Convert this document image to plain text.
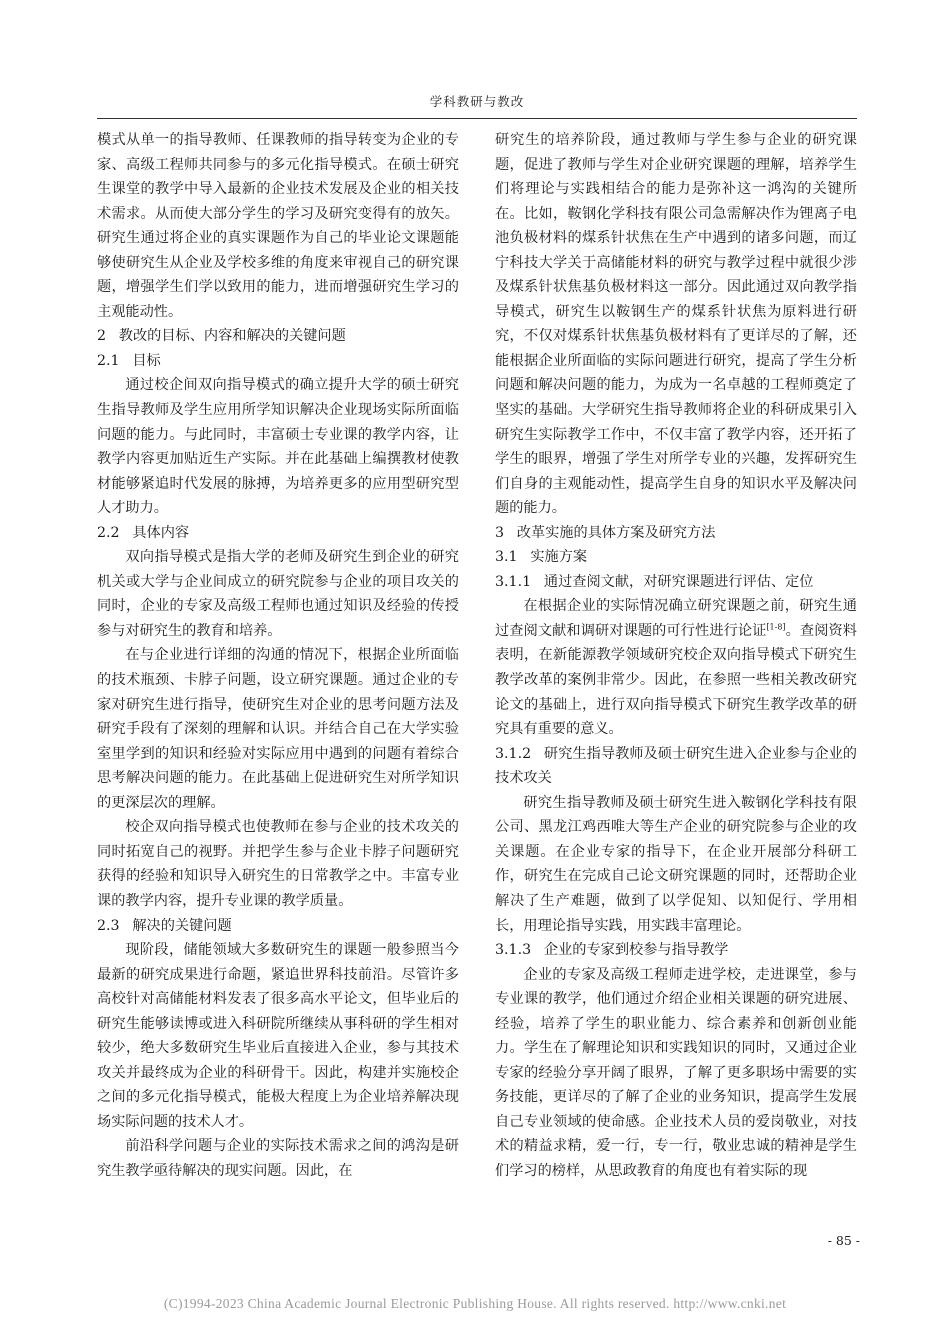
学科教研与教改

模式从单一的指导教师、任课教师的指导转变为企业的专家、高级工程师共同参与的多元化指导模式。在硕士研究生课堂的教学中导入最新的企业技术发展及企业的相关技术需求。从而使大部分学生的学习及研究变得有的放矢。研究生通过将企业的真实课题作为自己的毕业论文课题能够使研究生从企业及学校多维的角度来审视自己的研究课题，增强学生们学以致用的能力，进而增强研究生学习的主观能动性。

2 教改的目标、内容和解决的关键问题
2.1 目标

通过校企间双向指导模式的确立提升大学的硕士研究生指导教师及学生应用所学知识解决企业现场实际所面临问题的能力。与此同时，丰富硕士专业课的教学内容，让教学内容更加贴近生产实际。并在此基础上编撰教材使教材能够紧追时代发展的脉搏，为培养更多的应用型研究型人才助力。

2.2 具体内容

双向指导模式是指大学的老师及研究生到企业的研究机关或大学与企业间成立的研究院参与企业的项目攻关的同时，企业的专家及高级工程师也通过知识及经验的传授参与对研究生的教育和培养。

在与企业进行详细的沟通的情况下，根据企业所面临的技术瓶颈、卡脖子问题，设立研究课题。通过企业的专家对研究生进行指导，使研究生对企业的思考问题方法及研究手段有了深刻的理解和认识。并结合自己在大学实验室里学到的知识和经验对实际应用中遇到的问题有着综合思考解决问题的能力。在此基础上促进研究生对所学知识的更深层次的理解。

校企双向指导模式也使教师在参与企业的技术攻关的同时拓宽自己的视野。并把学生参与企业卡脖子问题研究获得的经验和知识导入研究生的日常教学之中。丰富专业课的教学内容，提升专业课的教学质量。

2.3 解决的关键问题

现阶段，储能领域大多数研究生的课题一般参照当今最新的研究成果进行命题，紧追世界科技前沿。尽管许多高校针对高储能材料发表了很多高水平论文，但毕业后的研究生能够读博或进入科研院所继续从事科研的学生相对较少，绝大多数研究生毕业后直接进入企业，参与其技术攻关并最终成为企业的科研骨干。因此，构建并实施校企之间的多元化指导模式，能极大程度上为企业培养解决现场实际问题的技术人才。

前沿科学问题与企业的实际技术需求之间的鸿沟是研究生教学亟待解决的现实问题。因此，在

研究生的培养阶段，通过教师与学生参与企业的研究课题，促进了教师与学生对企业研究课题的理解，培养学生们将理论与实践相结合的能力是弥补这一鸿沟的关键所在。比如，鞍钢化学科技有限公司急需解决作为锂离子电池负极材料的煤系针状焦在生产中遇到的诸多问题，而辽宁科技大学关于高储能材料的研究与教学过程中就很少涉及煤系针状焦基负极材料这一部分。因此通过双向教学指导模式，研究生以鞍钢生产的煤系针状焦为原料进行研究，不仅对煤系针状焦基负极材料有了更详尽的了解，还能根据企业所面临的实际问题进行研究，提高了学生分析问题和解决问题的能力，为成为一名卓越的工程师奠定了坚实的基础。大学研究生指导教师将企业的科研成果引入研究生实际教学工作中，不仅丰富了教学内容，还开拓了学生的眼界，增强了学生对所学专业的兴趣，发挥研究生们自身的主观能动性，提高学生自身的知识水平及解决问题的能力。

3 改革实施的具体方案及研究方法
3.1 实施方案
3.1.1 通过查阅文献，对研究课题进行评估、定位

在根据企业的实际情况确立研究课题之前，研究生通过查阅文献和调研对课题的可行性进行论证[1-8]。查阅资料表明，在新能源教学领域研究校企双向指导模式下研究生教学改革的案例非常少。因此，在参照一些相关教改研究论文的基础上，进行双向指导模式下研究生教学改革的研究具有重要的意义。

3.1.2 研究生指导教师及硕士研究生进入企业参与企业的技术攻关

研究生指导教师及硕士研究生进入鞍钢化学科技有限公司、黑龙江鸡西唯大等生产企业的研究院参与企业的攻关课题。在企业专家的指导下，在企业开展部分科研工作，研究生在完成自己论文研究课题的同时，还帮助企业解决了生产难题，做到了以学促知、以知促行、学用相长，用理论指导实践，用实践丰富理论。

3.1.3 企业的专家到校参与指导教学

企业的专家及高级工程师走进学校，走进课堂，参与专业课的教学，他们通过介绍企业相关课题的研究进展、经验，培养了学生的职业能力、综合素养和创新创业能力。学生在了解理论知识和实践知识的同时，又通过企业专家的经验分享开阔了眼界，了解了更多职场中需要的实务技能，更详尽的了解了企业的业务知识，提高学生发展自己专业领域的使命感。企业技术人员的爱岗敬业，对技术的精益求精，爱一行，专一行，敬业忠诚的精神是学生们学习的榜样，从思政教育的角度也有着实际的现

- 85 -
(C)1994-2023 China Academic Journal Electronic Publishing House. All rights reserved. http://www.cnki.net
